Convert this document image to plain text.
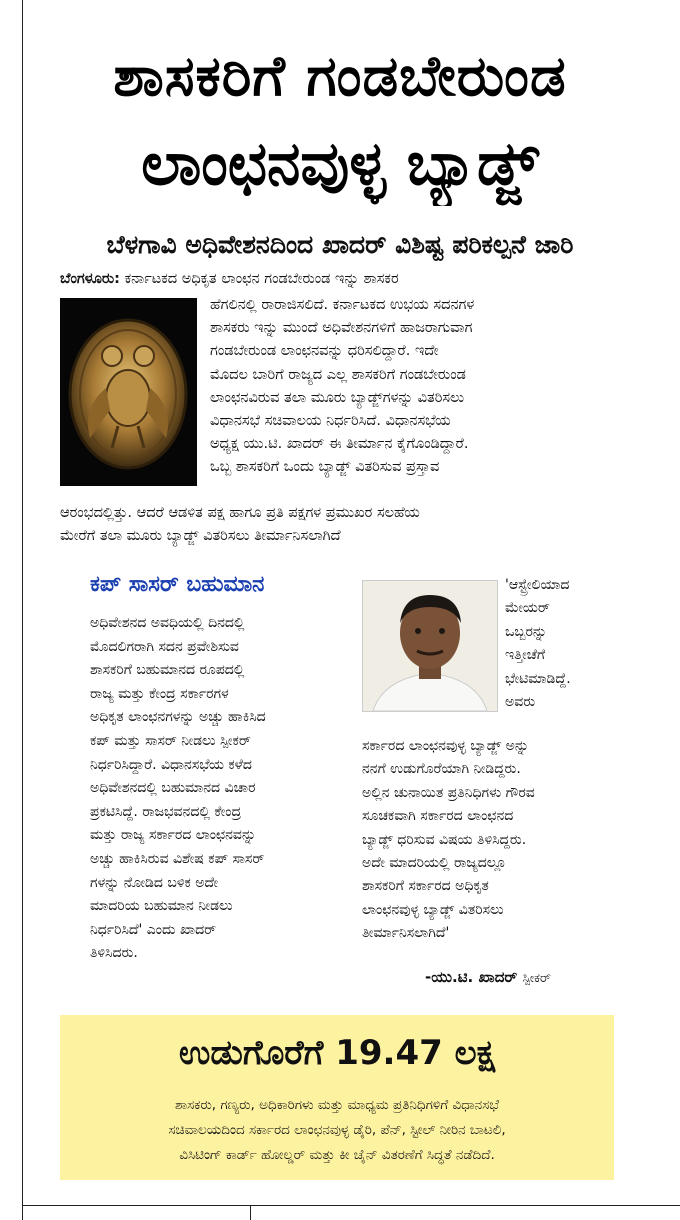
ಶಾಸಕರಿಗೆ ಗಂಡಬೇರುಂಡ
ಲಾಂಛನವುಳ್ಳ ಬ್ಯಾಡ್ಜ್
ಬೆಳಗಾವಿ ಅಧಿವೇಶನದಿಂದ ಖಾದರ್ ವಿಶಿಷ್ಟ ಪರಿಕಲ್ಪನೆ ಜಾರಿ
ಬೆಂಗಳೂರು: ಕರ್ನಾಟಕದ ಅಧಿಕೃತ ಲಾಂಛನ ಗಂಡಬೇರುಂಡ ಇನ್ನು ಶಾಸಕರ
ಹೆಗಲಿನಲ್ಲಿ ರಾರಾಜಿಸಲಿದೆ. ಕರ್ನಾಟಕದ ಉಭಯ ಸದನಗಳ
ಶಾಸಕರು ಇನ್ನು ಮುಂದೆ ಅಧಿವೇಶನಗಳಿಗೆ ಹಾಜರಾಗುವಾಗ
ಗಂಡಬೇರುಂಡ ಲಾಂಛನವನ್ನು ಧರಿಸಲಿದ್ದಾರೆ. ಇದೇ
ಮೊದಲ ಬಾರಿಗೆ ರಾಜ್ಯದ ಎಲ್ಲ ಶಾಸಕರಿಗೆ ಗಂಡಬೇರುಂಡ
ಲಾಂಛನವಿರುವ ತಲಾ ಮೂರು ಬ್ಯಾಡ್ಜ್‌ಗಳನ್ನು ವಿತರಿಸಲು
ವಿಧಾನಸಭೆ ಸಚಿವಾಲಯ ನಿರ್ಧರಿಸಿದೆ. ವಿಧಾನಸಭೆಯ
ಅಧ್ಯಕ್ಷ ಯು.ಟಿ. ಖಾದರ್ ಈ ತೀರ್ಮಾನ ಕೈಗೊಂಡಿದ್ದಾರೆ.
ಒಬ್ಬ ಶಾಸಕರಿಗೆ ಒಂದು ಬ್ಯಾಡ್ಜ್ ವಿತರಿಸುವ ಪ್ರಸ್ತಾವ
ಆರಂಭದಲ್ಲಿತ್ತು. ಆದರೆ ಆಡಳಿತ ಪಕ್ಷ ಹಾಗೂ ಪ್ರತಿ ಪಕ್ಷಗಳ ಪ್ರಮುಖರ ಸಲಹೆಯ
ಮೇರೆಗೆ ತಲಾ ಮೂರು ಬ್ಯಾಡ್ಜ್ ವಿತರಿಸಲು ತೀರ್ಮಾನಿಸಲಾಗಿದೆ
ಕಪ್ ಸಾಸರ್ ಬಹುಮಾನ
ಅಧಿವೇಶನದ ಅವಧಿಯಲ್ಲಿ ದಿನದಲ್ಲಿ
ಮೊದಲಿಗರಾಗಿ ಸದನ ಪ್ರವೇಶಿಸುವ
ಶಾಸಕರಿಗೆ ಬಹುಮಾನದ ರೂಪದಲ್ಲಿ
ರಾಜ್ಯ ಮತ್ತು ಕೇಂದ್ರ ಸರ್ಕಾರಗಳ
ಅಧಿಕೃತ ಲಾಂಛನಗಳನ್ನು ಅಚ್ಚು ಹಾಕಿಸಿದ
ಕಪ್ ಮತ್ತು ಸಾಸರ್ ನೀಡಲು ಸ್ಪೀಕರ್
ನಿರ್ಧರಿಸಿದ್ದಾರೆ. ವಿಧಾನಸಭೆಯ ಕಳೆದ
ಅಧಿವೇಶನದಲ್ಲಿ ಬಹುಮಾನದ ವಿಚಾರ
ಪ್ರಕಟಿಸಿದ್ದೆ. ರಾಜಭವನದಲ್ಲಿ ಕೇಂದ್ರ
ಮತ್ತು ರಾಜ್ಯ ಸರ್ಕಾರದ ಲಾಂಛನವನ್ನು
ಅಚ್ಚು ಹಾಕಿಸಿರುವ ವಿಶೇಷ ಕಪ್ ಸಾಸರ್
ಗಳನ್ನು ನೋಡಿದ ಬಳಿಕ ಅದೇ
ಮಾದರಿಯ ಬಹುಮಾನ ನೀಡಲು
ನಿರ್ಧರಿಸಿದೆ' ಎಂದು ಖಾದರ್
ತಿಳಿಸಿದರು.
'ಆಸ್ಟ್ರೇಲಿಯಾದ
ಮೇಯರ್
ಒಬ್ಬರನ್ನು
ಇತ್ತೀಚೆಗೆ
ಭೇಟಿಮಾಡಿದ್ದೆ.
ಅವರು
ಸರ್ಕಾರದ ಲಾಂಛನವುಳ್ಳ ಬ್ಯಾಡ್ಜ್ ಅನ್ನು
ನನಗೆ ಉಡುಗೊರೆಯಾಗಿ ನೀಡಿದ್ದರು.
ಅಲ್ಲಿನ ಚುನಾಯಿತ ಪ್ರತಿನಿಧಿಗಳು ಗೌರವ
ಸೂಚಕವಾಗಿ ಸರ್ಕಾರದ ಲಾಂಛನದ
ಬ್ಯಾಡ್ಜ್ ಧರಿಸುವ ವಿಷಯ ತಿಳಿಸಿದ್ದರು.
ಅದೇ ಮಾದರಿಯಲ್ಲಿ ರಾಜ್ಯದಲ್ಲೂ
ಶಾಸಕರಿಗೆ ಸರ್ಕಾರದ ಅಧಿಕೃತ
ಲಾಂಛನವುಳ್ಳ ಬ್ಯಾಡ್ಜ್ ವಿತರಿಸಲು
ತೀರ್ಮಾನಿಸಲಾಗಿದೆ'
-ಯು.ಟಿ. ಖಾದರ್ ಸ್ಪೀಕರ್
ಉಡುಗೊರೆಗೆ 19.47 ಲಕ್ಷ
ಶಾಸಕರು, ಗಣ್ಯರು, ಅಧಿಕಾರಿಗಳು ಮತ್ತು ಮಾಧ್ಯಮ ಪ್ರತಿನಿಧಿಗಳಿಗೆ ವಿಧಾನಸಭೆ
ಸಚಿವಾಲಯದಿಂದ ಸರ್ಕಾರದ ಲಾಂಛನವುಳ್ಳ ಡೈರಿ, ಪೆನ್, ಸ್ಟೀಲ್ ನೀರಿನ ಬಾಟಲಿ,
ವಿಸಿಟಿಂಗ್ ಕಾರ್ಡ್ ಹೋಲ್ಡರ್ ಮತ್ತು ಕೀ ಚೈನ್ ವಿತರಣೆಗೆ ಸಿದ್ಧತೆ ನಡೆದಿದೆ.
